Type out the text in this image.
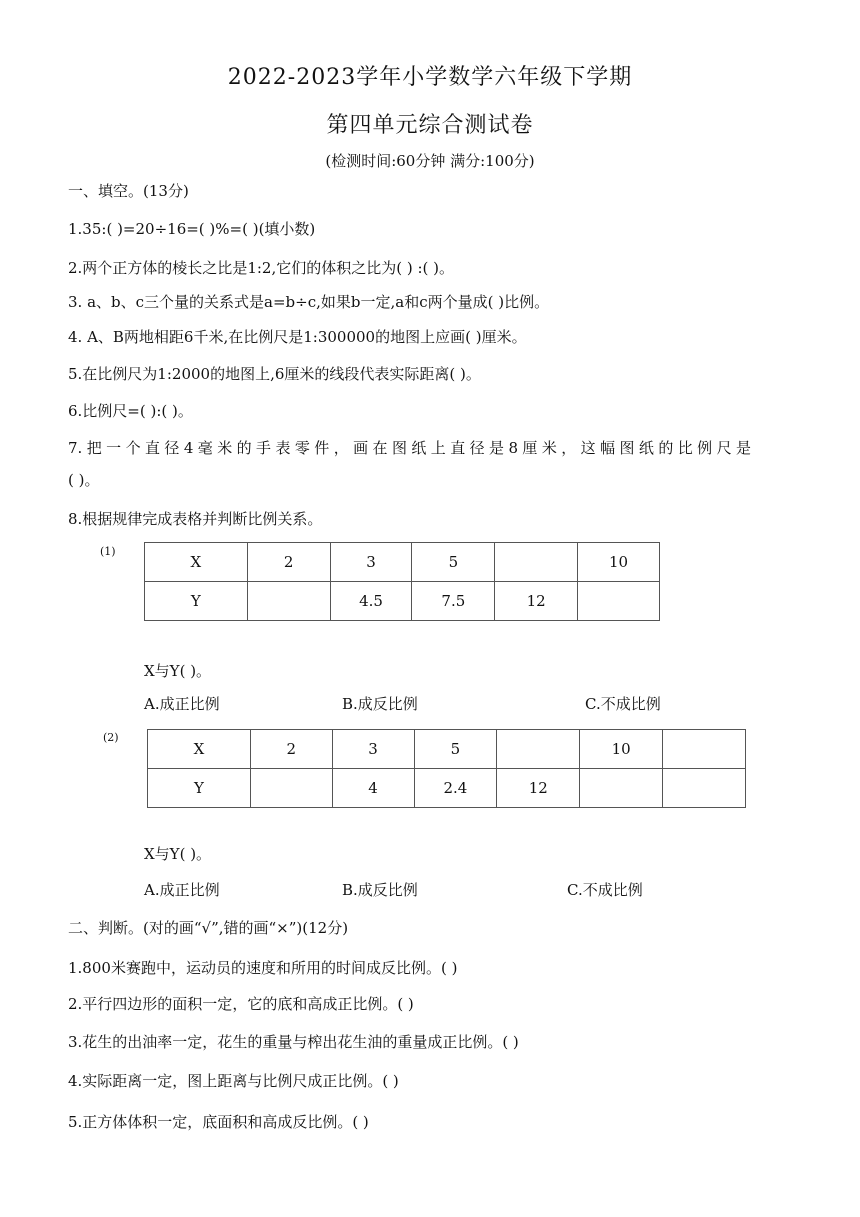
2022-2023学年小学数学六年级下学期
第四单元综合测试卷
(检测时间:60分钟 满分:100分)
一、填空。(13分)
1.35:( )=20÷16=( )%=( )(填小数)
2.两个正方体的棱长之比是1:2,它们的体积之比为( ) :( )。
3. a、b、c三个量的关系式是a=b÷c,如果b一定,a和c两个量成( )比例。
4. A、B两地相距6千米,在比例尺是1:300000的地图上应画( )厘米。
5.在比例尺为1:2000的地图上,6厘米的线段代表实际距离( )。
6.比例尺=( ):( )。
7.把一个直径4毫米的手表零件，画在图纸上直径是8厘米，这幅图纸的比例尺是
( )。
8.根据规律完成表格并判断比例关系。
(1)
X	2	3	5		10
Y		4.5	7.5	12	
X与Y( )。
A.成正比例	B.成反比例	C.不成比例
(2)
X	2	3	5		10	
Y		4	2.4	12		
X与Y( )。
A.成正比例	B.成反比例	C.不成比例
二、判断。(对的画“√”,错的画“×”)(12分)
1.800米赛跑中，运动员的速度和所用的时间成反比例。( )
2.平行四边形的面积一定，它的底和高成正比例。( )
3.花生的出油率一定，花生的重量与榨出花生油的重量成正比例。( )
4.实际距离一定，图上距离与比例尺成正比例。( )
5.正方体体积一定，底面积和高成反比例。( )
